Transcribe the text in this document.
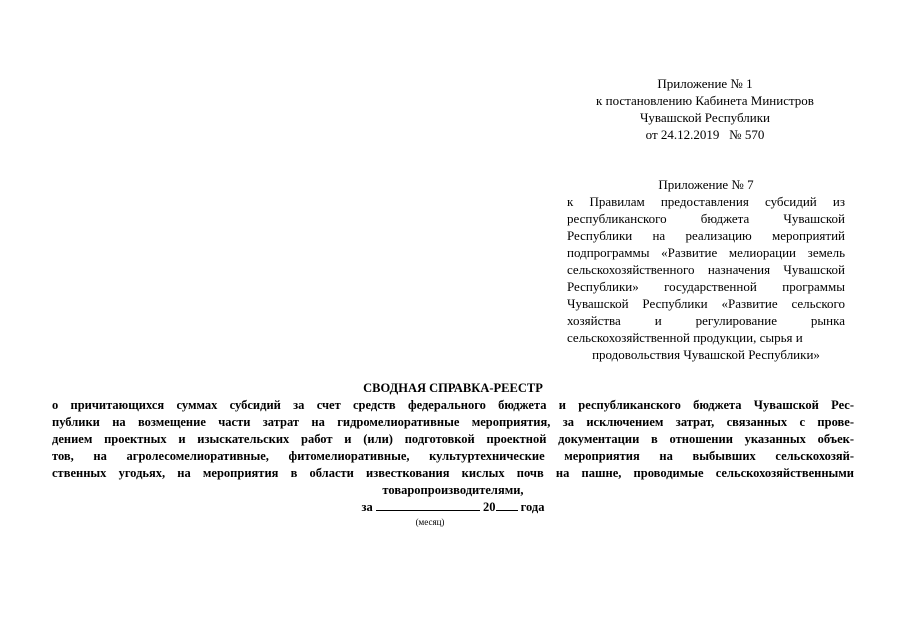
Приложение № 1
к постановлению Кабинета Министров
Чувашской Республики
от 24.12.2019   № 570
Приложение № 7
к Правилам предоставления субсидий из республиканского бюджета Чувашской Республики на реализацию мероприятий подпрограммы «Развитие мелиорации земель сельскохозяйственного назначения Чувашской Республики» государственной программы Чувашской Республики «Развитие сельского хозяйства и регулирование рынка сельскохозяйственной продукции, сырья и
продовольствия Чувашской Республики»
СВОДНАЯ СПРАВКА-РЕЕСТР
о причитающихся суммах субсидий за счет средств федерального бюджета и республиканского бюджета Чувашской Рес-
публики на возмещение части затрат на гидромелиоративные мероприятия, за исключением затрат, связанных с прове-
дением проектных и изыскательских работ и (или) подготовкой проектной документации в отношении указанных объек-
тов, на агролесомелиоративные, фитомелиоративные, культуртехнические мероприятия на выбывших сельскохозяй-
ственных угодьях, на мероприятия в области известкования кислых почв на пашне, проводимые сельскохозяйственными
товаропроизводителями,
за	20 года
(месяц)
